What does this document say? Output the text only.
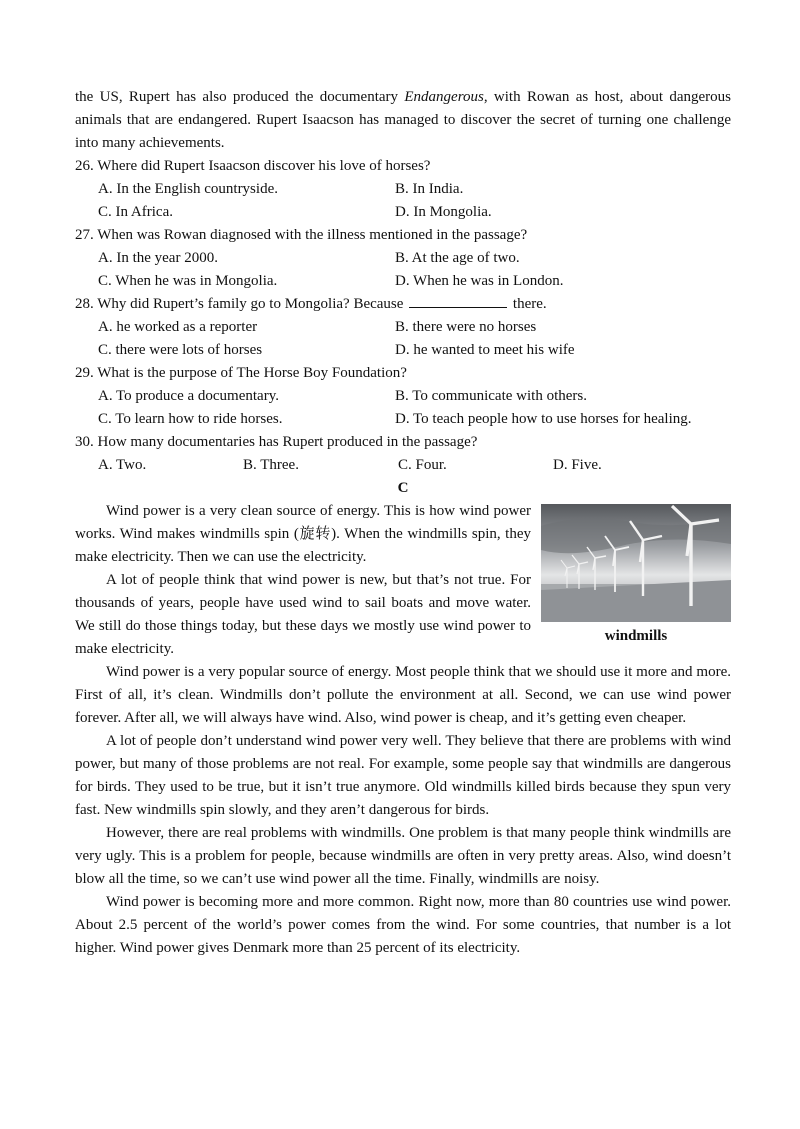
the US, Rupert has also produced the documentary Endangerous, with Rowan as host, about dangerous animals that are endangered. Rupert Isaacson has managed to discover the secret of turning one challenge into many achievements.

26. Where did Rupert Isaacson discover his love of horses?
A. In the English countryside.	B. In India.
C. In Africa.	D. In Mongolia.
27. When was Rowan diagnosed with the illness mentioned in the passage?
A. In the year 2000.	B. At the age of two.
C. When he was in Mongolia.	D. When he was in London.
28. Why did Rupert’s family go to Mongolia? Because	there.
A. he worked as a reporter	B. there were no horses
C. there were lots of horses	D. he wanted to meet his wife
29. What is the purpose of The Horse Boy Foundation?
A. To produce a documentary.	B. To communicate with others.
C. To learn how to ride horses.	D. To teach people how to use horses for healing.
30. How many documentaries has Rupert produced in the passage?
A. Two.	B. Three.	C. Four.	D. Five.
C
windmills

Wind power is a very clean source of energy. This is how wind power works. Wind makes windmills spin (旋转). When the windmills spin, they make electricity. Then we can use the electricity.

A lot of people think that wind power is new, but that’s not true. For thousands of years, people have used wind to sail boats and move water. We still do those things today, but these days we mostly use wind power to make electricity.

Wind power is a very popular source of energy. Most people think that we should use it more and more. First of all, it’s clean. Windmills don’t pollute the environment at all. Second, we can use wind power forever. After all, we will always have wind. Also, wind power is cheap, and it’s getting even cheaper.

A lot of people don’t understand wind power very well. They believe that there are problems with wind power, but many of those problems are not real. For example, some people say that windmills are dangerous for birds. They used to be true, but it isn’t true anymore. Old windmills killed birds because they spun very fast. New windmills spin slowly, and they aren’t dangerous for birds.

However, there are real problems with windmills. One problem is that many people think windmills are very ugly. This is a problem for people, because windmills are often in very pretty areas. Also, wind doesn’t blow all the time, so we can’t use wind power all the time. Finally, windmills are noisy.

Wind power is becoming more and more common. Right now, more than 80 countries use wind power. About 2.5 percent of the world’s power comes from the wind. For some countries, that number is a lot higher. Wind power gives Denmark more than 25 percent of its electricity.
